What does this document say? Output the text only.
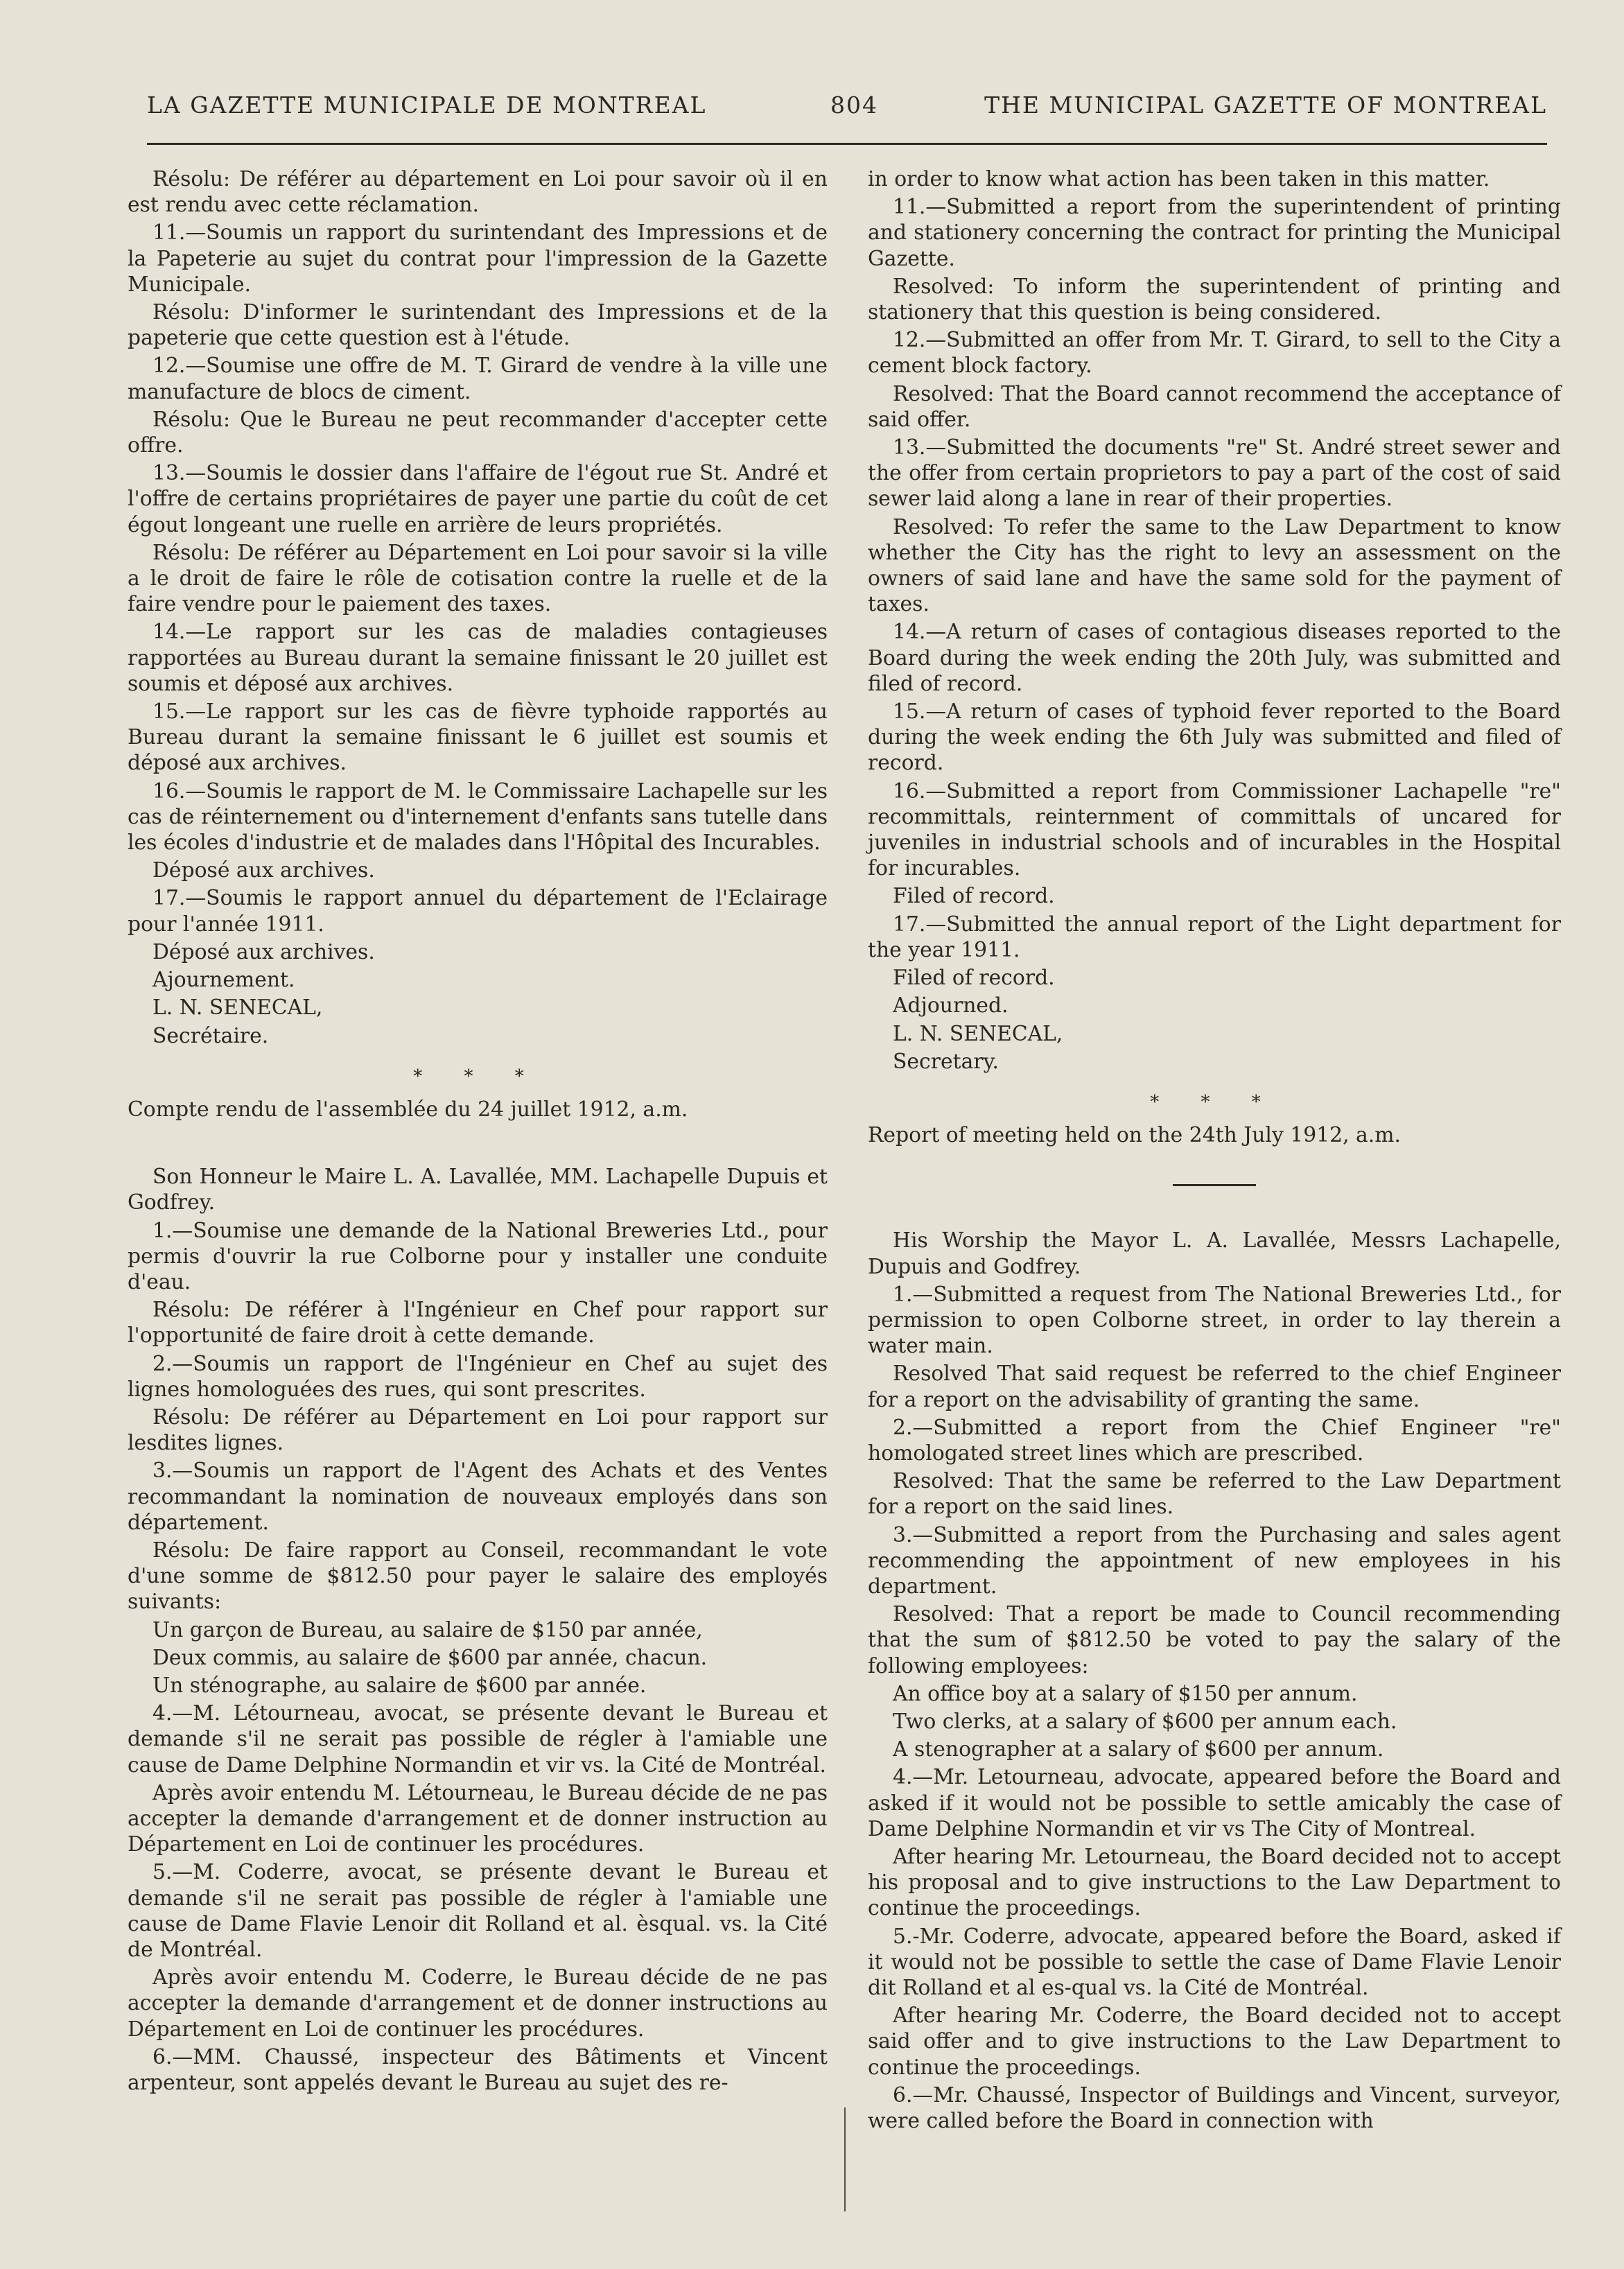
LA GAZETTE MUNICIPALE DE MONTREAL	804	THE MUNICIPAL GAZETTE OF MONTREAL

Résolu: De référer au département en Loi pour savoir où il en est rendu avec cette réclamation.

11.—Soumis un rapport du surintendant des Impressions et de la Papeterie au sujet du contrat pour l'impression de la Gazette Municipale.

Résolu: D'informer le surintendant des Impressions et de la papeterie que cette question est à l'étude.

12.—Soumise une offre de M. T. Girard de vendre à la ville une manufacture de blocs de ciment.

Résolu: Que le Bureau ne peut recommander d'accepter cette offre.

13.—Soumis le dossier dans l'affaire de l'égout rue St. André et l'offre de certains propriétaires de payer une partie du coût de cet égout longeant une ruelle en arrière de leurs propriétés.

Résolu: De référer au Département en Loi pour savoir si la ville a le droit de faire le rôle de cotisation contre la ruelle et de la faire vendre pour le paiement des taxes.

14.—Le rapport sur les cas de maladies contagieuses rapportées au Bureau durant la semaine finissant le 20 juillet est soumis et déposé aux archives.

15.—Le rapport sur les cas de fièvre typhoide rapportés au Bureau durant la semaine finissant le 6 juillet est soumis et déposé aux archives.

16.—Soumis le rapport de M. le Commissaire Lachapelle sur les cas de réinternement ou d'internement d'enfants sans tutelle dans les écoles d'industrie et de malades dans l'Hôpital des Incurables.

Déposé aux archives.

17.—Soumis le rapport annuel du département de l'Eclairage pour l'année 1911.

Déposé aux archives.

Ajournement.

L. N. SENECAL,

Secrétaire.

* * *

Compte rendu de l'assemblée du 24 juillet 1912, a.m.

Son Honneur le Maire L. A. Lavallée, MM. Lachapelle Dupuis et Godfrey.

1.—Soumise une demande de la National Breweries Ltd., pour permis d'ouvrir la rue Colborne pour y installer une conduite d'eau.

Résolu: De référer à l'Ingénieur en Chef pour rapport sur l'opportunité de faire droit à cette demande.

2.—Soumis un rapport de l'Ingénieur en Chef au sujet des lignes homologuées des rues, qui sont prescrites.

Résolu: De référer au Département en Loi pour rapport sur lesdites lignes.

3.—Soumis un rapport de l'Agent des Achats et des Ventes recommandant la nomination de nouveaux employés dans son département.

Résolu: De faire rapport au Conseil, recommandant le vote d'une somme de $812.50 pour payer le salaire des employés suivants:

Un garçon de Bureau, au salaire de $150 par année,

Deux commis, au salaire de $600 par année, chacun.

Un sténographe, au salaire de $600 par année.

4.—M. Létourneau, avocat, se présente devant le Bureau et demande s'il ne serait pas possible de régler à l'amiable une cause de Dame Delphine Normandin et vir vs. la Cité de Montréal.

Après avoir entendu M. Létourneau, le Bureau décide de ne pas accepter la demande d'arrangement et de donner instruction au Département en Loi de continuer les procédures.

5.—M. Coderre, avocat, se présente devant le Bureau et demande s'il ne serait pas possible de régler à l'amiable une cause de Dame Flavie Lenoir dit Rolland et al. èsqual. vs. la Cité de Montréal.

Après avoir entendu M. Coderre, le Bureau décide de ne pas accepter la demande d'arrangement et de donner instructions au Département en Loi de continuer les procédures.

6.—MM. Chaussé, inspecteur des Bâtiments et Vincent arpenteur, sont appelés devant le Bureau au sujet des re-

in order to know what action has been taken in this matter.

11.—Submitted a report from the superintendent of printing and stationery concerning the contract for printing the Municipal Gazette.

Resolved: To inform the superintendent of printing and stationery that this question is being considered.

12.—Submitted an offer from Mr. T. Girard, to sell to the City a cement block factory.

Resolved: That the Board cannot recommend the acceptance of said offer.

13.—Submitted the documents "re" St. André street sewer and the offer from certain proprietors to pay a part of the cost of said sewer laid along a lane in rear of their properties.

Resolved: To refer the same to the Law Department to know whether the City has the right to levy an assessment on the owners of said lane and have the same sold for the payment of taxes.

14.—A return of cases of contagious diseases reported to the Board during the week ending the 20th July, was submitted and filed of record.

15.—A return of cases of typhoid fever reported to the Board during the week ending the 6th July was submitted and filed of record.

16.—Submitted a report from Commissioner Lachapelle "re" recommittals, reinternment of committals of uncared for juveniles in industrial schools and of incurables in the Hospital for incurables.

Filed of record.

17.—Submitted the annual report of the Light department for the year 1911.

Filed of record.

Adjourned.

L. N. SENECAL,

Secretary.

* * *

Report of meeting held on the 24th July 1912, a.m.

His Worship the Mayor L. A. Lavallée, Messrs Lachapelle, Dupuis and Godfrey.

1.—Submitted a request from The National Breweries Ltd., for permission to open Colborne street, in order to lay therein a water main.

Resolved That said request be referred to the chief Engineer for a report on the advisability of granting the same.

2.—Submitted a report from the Chief Engineer "re" homologated street lines which are prescribed.

Resolved: That the same be referred to the Law Department for a report on the said lines.

3.—Submitted a report from the Purchasing and sales agent recommending the appointment of new employees in his department.

Resolved: That a report be made to Council recommending that the sum of $812.50 be voted to pay the salary of the following employees:

An office boy at a salary of $150 per annum.

Two clerks, at a salary of $600 per annum each.

A stenographer at a salary of $600 per annum.

4.—Mr. Letourneau, advocate, appeared before the Board and asked if it would not be possible to settle amicably the case of Dame Delphine Normandin et vir vs The City of Montreal.

After hearing Mr. Letourneau, the Board decided not to accept his proposal and to give instructions to the Law Department to continue the proceedings.

5.-Mr. Coderre, advocate, appeared before the Board, asked if it would not be possible to settle the case of Dame Flavie Lenoir dit Rolland et al es-qual vs. la Cité de Montréal.

After hearing Mr. Coderre, the Board decided not to accept said offer and to give instructions to the Law Department to continue the proceedings.

6.—Mr. Chaussé, Inspector of Buildings and Vincent, surveyor, were called before the Board in connection with
